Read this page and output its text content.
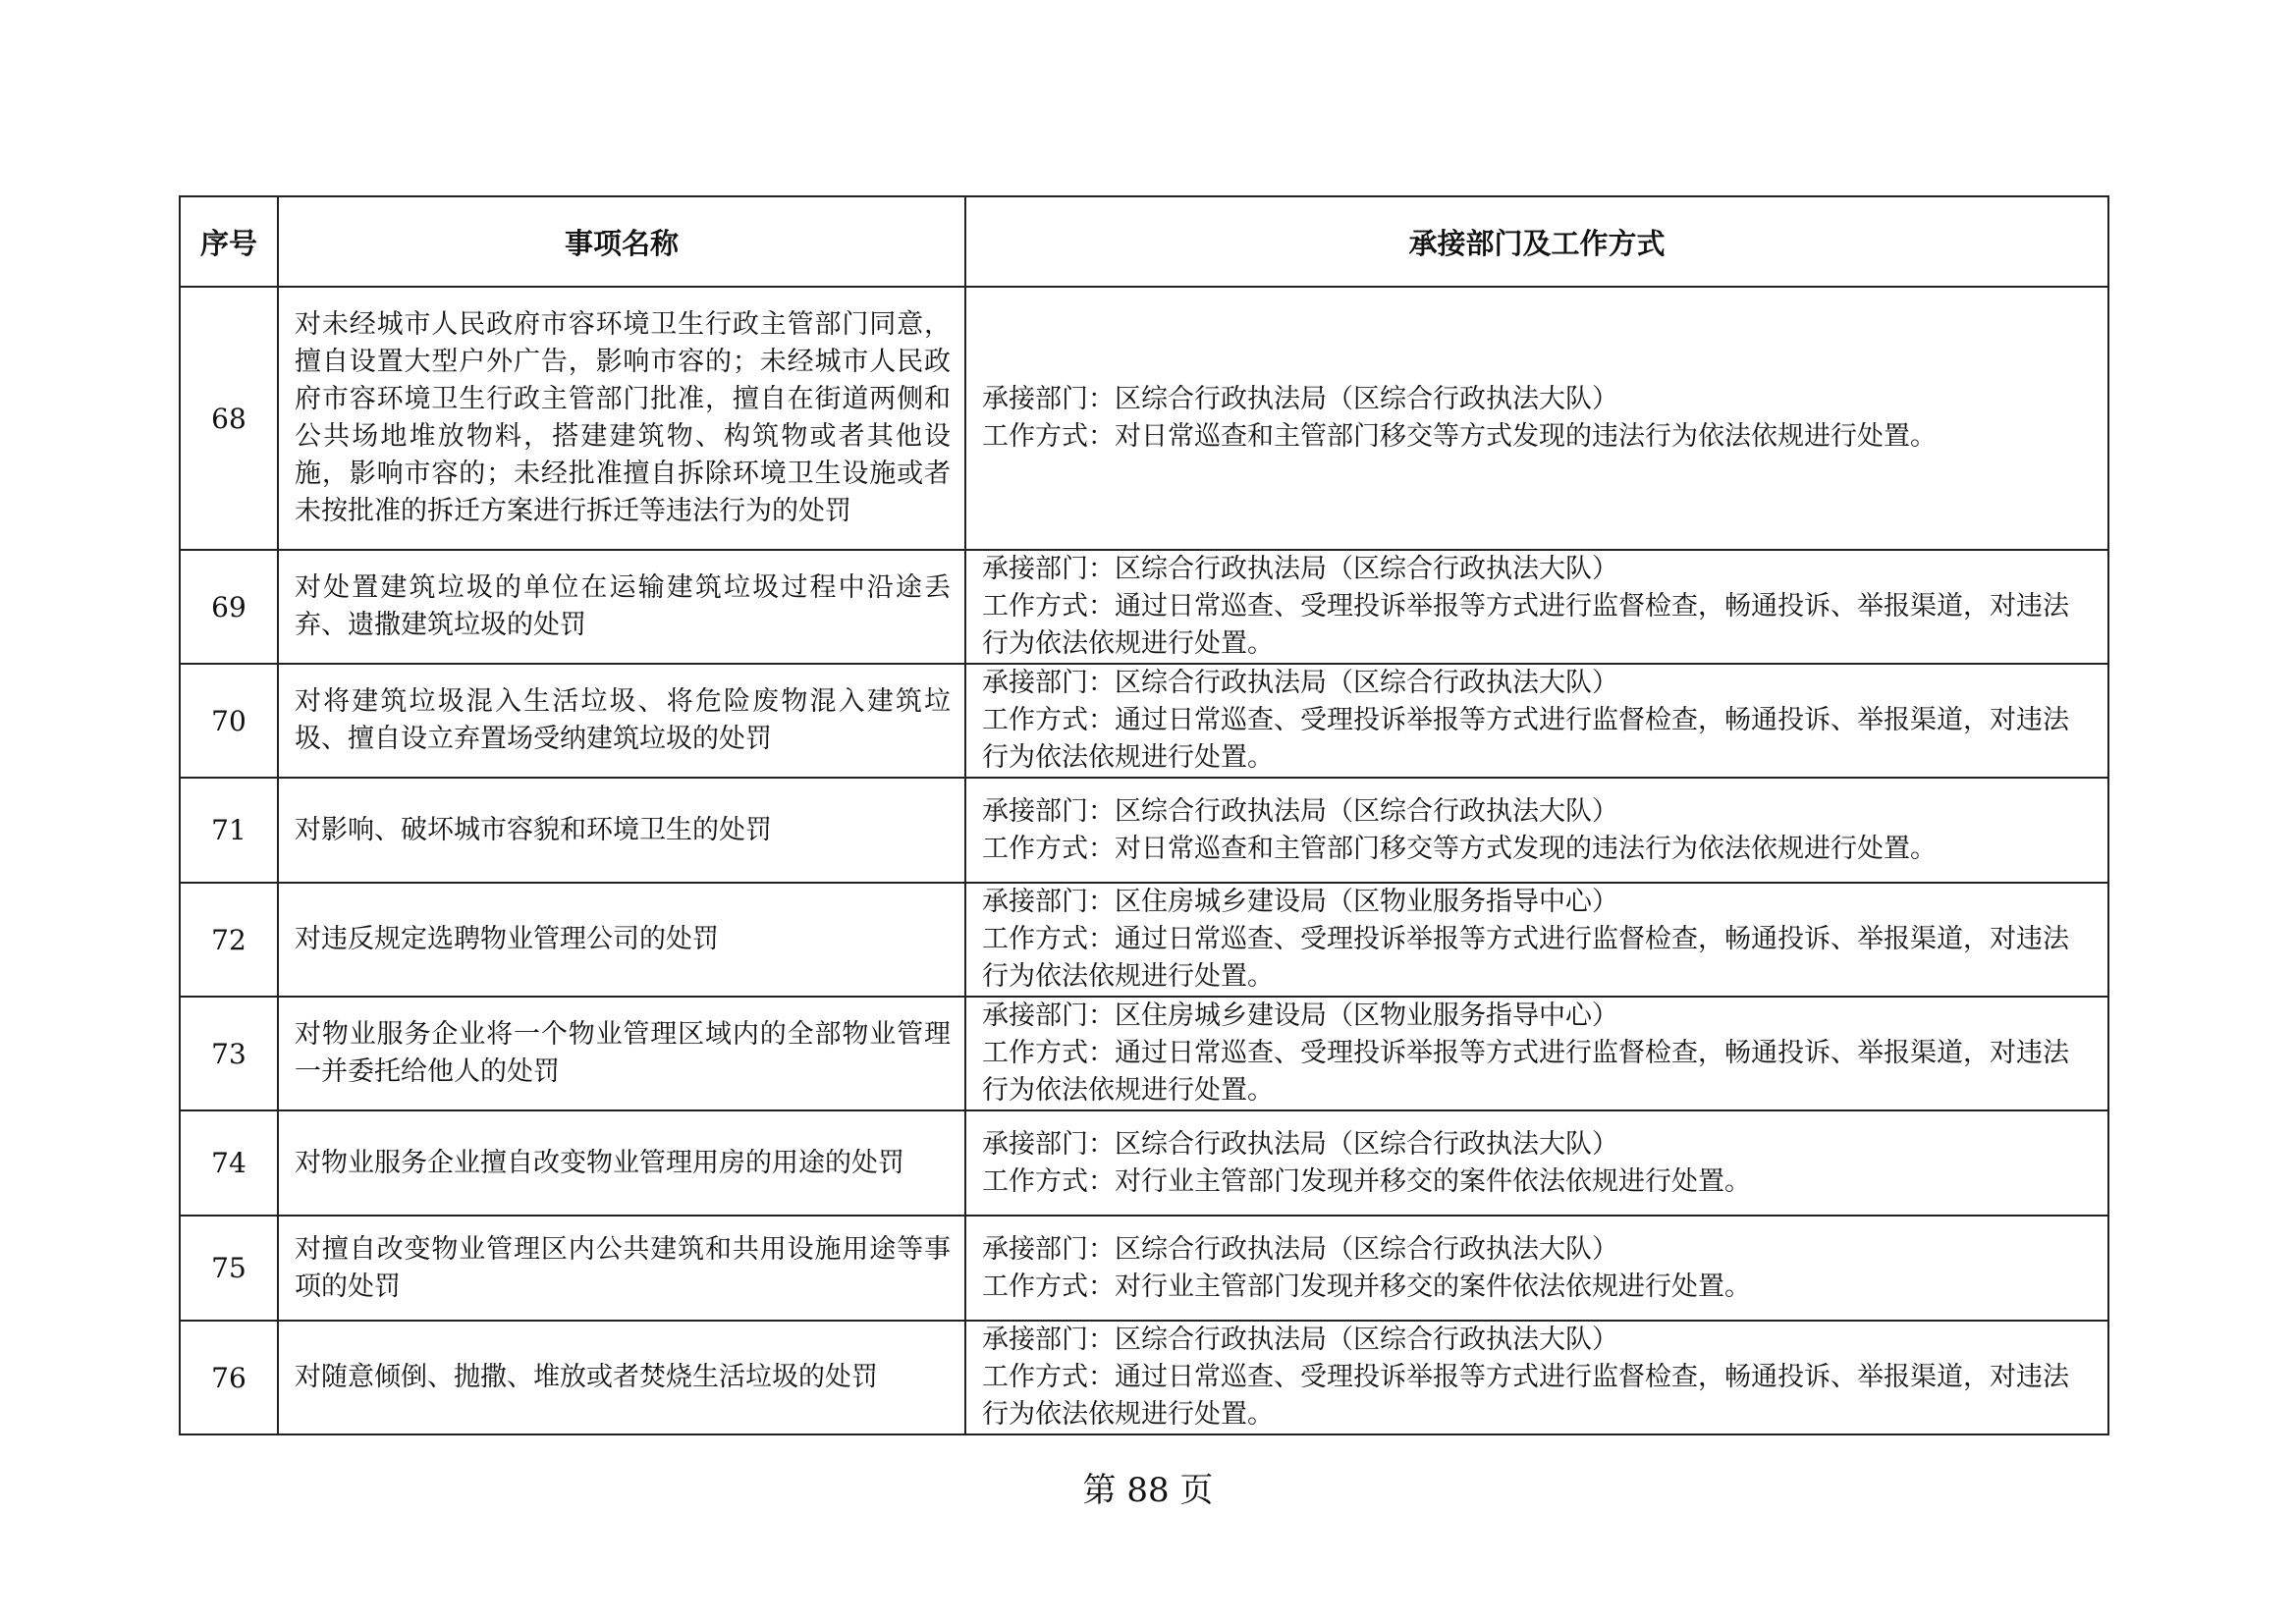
序号	事项名称	承接部门及工作方式
68	对未经城市人民政府市容环境卫生行政主管部门同意，擅自设置大型户外广告，影响市容的；未经城市人民政府市容环境卫生行政主管部门批准，擅自在街道两侧和公共场地堆放物料，搭建建筑物、构筑物或者其他设施，影响市容的；未经批准擅自拆除环境卫生设施或者未按批准的拆迁方案进行拆迁等违法行为的处罚	承接部门：区综合行政执法局（区综合行政执法大队）
工作方式：对日常巡查和主管部门移交等方式发现的违法行为依法依规进行处置。

69	对处置建筑垃圾的单位在运输建筑垃圾过程中沿途丢弃、遗撒建筑垃圾的处罚	承接部门：区综合行政执法局（区综合行政执法大队）
工作方式：通过日常巡查、受理投诉举报等方式进行监督检查，畅通投诉、举报渠道，对违法行为依法依规进行处置。

70	对将建筑垃圾混入生活垃圾、将危险废物混入建筑垃圾、擅自设立弃置场受纳建筑垃圾的处罚	承接部门：区综合行政执法局（区综合行政执法大队）
工作方式：通过日常巡查、受理投诉举报等方式进行监督检查，畅通投诉、举报渠道，对违法行为依法依规进行处置。

71	对影响、破坏城市容貌和环境卫生的处罚	承接部门：区综合行政执法局（区综合行政执法大队）
工作方式：对日常巡查和主管部门移交等方式发现的违法行为依法依规进行处置。

72	对违反规定选聘物业管理公司的处罚	承接部门：区住房城乡建设局（区物业服务指导中心）
工作方式：通过日常巡查、受理投诉举报等方式进行监督检查，畅通投诉、举报渠道，对违法行为依法依规进行处置。

73	对物业服务企业将一个物业管理区域内的全部物业管理一并委托给他人的处罚	承接部门：区住房城乡建设局（区物业服务指导中心）
工作方式：通过日常巡查、受理投诉举报等方式进行监督检查，畅通投诉、举报渠道，对违法行为依法依规进行处置。

74	对物业服务企业擅自改变物业管理用房的用途的处罚	承接部门：区综合行政执法局（区综合行政执法大队）
工作方式：对行业主管部门发现并移交的案件依法依规进行处置。

75	对擅自改变物业管理区内公共建筑和共用设施用途等事项的处罚	承接部门：区综合行政执法局（区综合行政执法大队）
工作方式：对行业主管部门发现并移交的案件依法依规进行处置。

76	对随意倾倒、抛撒、堆放或者焚烧生活垃圾的处罚	承接部门：区综合行政执法局（区综合行政执法大队）
工作方式：通过日常巡查、受理投诉举报等方式进行监督检查，畅通投诉、举报渠道，对违法行为依法依规进行处置。
第 88 页
